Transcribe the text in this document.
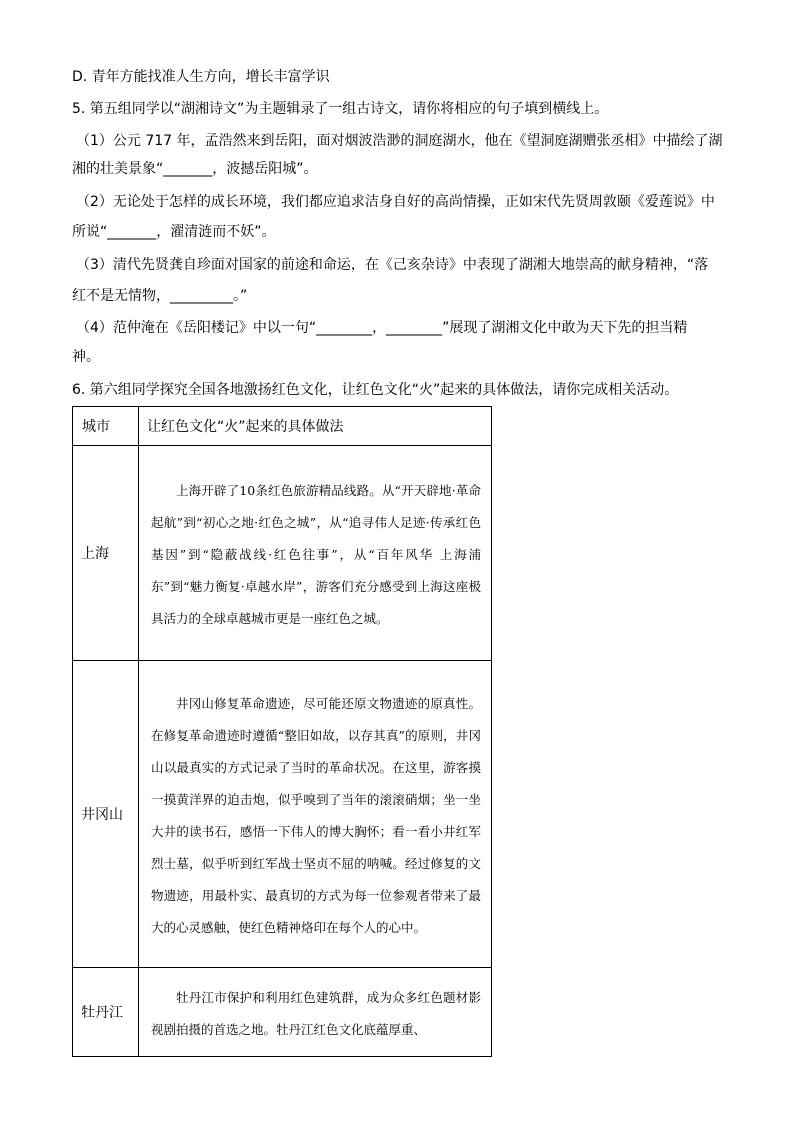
D. 青年方能找准人生方向，增长丰富学识
5. 第五组同学以“湖湘诗文”为主题辑录了一组古诗文，请你将相应的句子填到横线上。
（1）公元 717 年，孟浩然来到岳阳，面对烟波浩渺的洞庭湖水，他在《望洞庭湖赠张丞相》中描绘了湖
湘的壮美景象“_______，波撼岳阳城”。
（2）无论处于怎样的成长环境，我们都应追求洁身自好的高尚情操，正如宋代先贤周敦颐《爱莲说》中
所说“_______，濯清涟而不妖”。
（3）清代先贤龚自珍面对国家的前途和命运，在《己亥杂诗》中表现了湖湘大地崇高的献身精神，“落
红不是无情物，_________。”
（4）范仲淹在《岳阳楼记》中以一句“________，________”展现了湖湘文化中敢为天下先的担当精
神。
6. 第六组同学探究全国各地激扬红色文化，让红色文化“火”起来的具体做法，请你完成相关活动。
城市	让红色文化“火”起来的具体做法
上海	上海开辟了10条红色旅游精品线路。从“开天辟地·革命起航”到“初心之地·红色之城”，从“追寻伟人足迹·传承红色基因”到“隐蔽战线·红色往事”，从“百年风华 上海浦东”到“魅力衡复·卓越水岸”，游客们充分感受到上海这座极具活力的全球卓越城市更是一座红色之城。
井冈山	井冈山修复革命遗迹，尽可能还原文物遗迹的原真性。在修复革命遗迹时遵循“整旧如故，以存其真”的原则，井冈山以最真实的方式记录了当时的革命状况。在这里，游客摸一摸黄洋界的迫击炮，似乎嗅到了当年的滚滚硝烟；坐一坐大井的读书石，感悟一下伟人的博大胸怀；看一看小井红军烈士墓，似乎听到红军战士坚贞不屈的呐喊。经过修复的文物遗迹，用最朴实、最真切的方式为每一位参观者带来了最大的心灵感触，使红色精神烙印在每个人的心中。
牡丹江	牡丹江市保护和利用红色建筑群，成为众多红色题材影视剧拍摄的首选之地。牡丹江红色文化底蕴厚重、
